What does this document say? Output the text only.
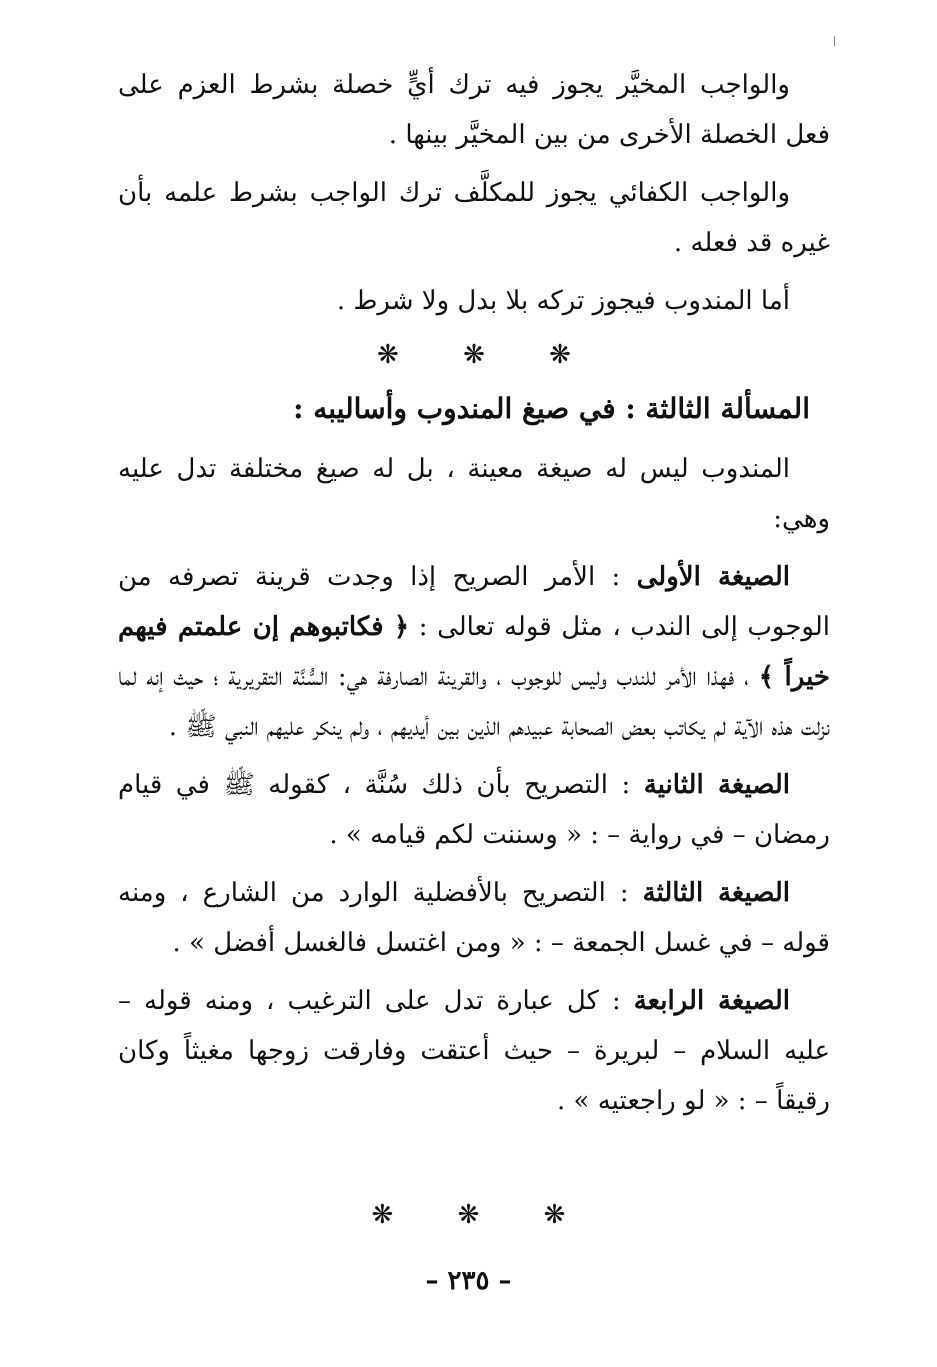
والواجب المخيَّر يجوز فيه ترك أيٍّ خصلة بشرط العزم على فعل الخصلة الأخرى من بين المخيَّر بينها .

والواجب الكفائي يجوز للمكلَّف ترك الواجب بشرط علمه بأن غيره قد فعله .

أما المندوب فيجوز تركه بلا بدل ولا شرط .

❋ ❋ ❋
المسألة الثالثة : في صيغ المندوب وأساليبه :

المندوب ليس له صيغة معينة ، بل له صيغ مختلفة تدل عليه وهي:

الصيغة الأولى : الأمر الصريح إذا وجدت قرينة تصرفه من الوجوب إلى الندب ، مثل قوله تعالى : ﴿ فكاتبوهم إن علمتم فيهم خيراً ﴾ ، فهذا الأمر للندب وليس للوجوب ، والقرينة الصارفة هي: السُّنَّة التقريرية ؛ حيث إنه لما نزلت هذه الآية لم يكاتب بعض الصحابة عبيدهم الذين بين أيديهم ، ولم ينكر عليهم النبي ﷺ .

الصيغة الثانية : التصريح بأن ذلك سُنَّة ، كقوله ﷺ في قيام رمضان – في رواية – : « وسننت لكم قيامه » .

الصيغة الثالثة : التصريح بالأفضلية الوارد من الشارع ، ومنه قوله – في غسل الجمعة – : « ومن اغتسل فالغسل أفضل » .

الصيغة الرابعة : كل عبارة تدل على الترغيب ، ومنه قوله – عليه السلام – لبريرة – حيث أعتقت وفارقت زوجها مغيثاً وكان رقيقاً – : « لو راجعتيه » .

❋ ❋ ❋
– ٢٣٥ –
